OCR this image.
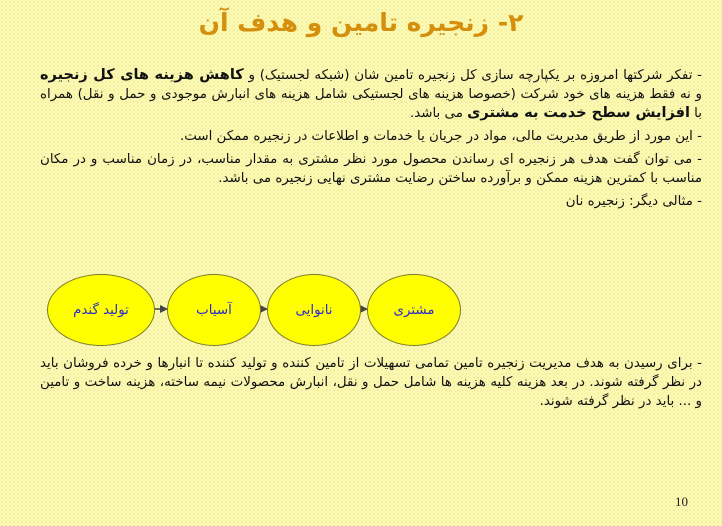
۲- زنجیره تامین و هدف آن

- تفکر شرکتها امروزه بر یکپارچه سازی کل زنجیره تامین شان (شبکه لجستیک) و کاهش هزینه های کل زنجیره و نه فقط هزینه های خود شرکت (خصوصا هزینه های لجستیکی شامل هزینه های انبارش موجودی و حمل و نقل) همراه با افزایش سطح خدمت به مشتری می باشد.

- این مورد از طریق مدیریت مالی، مواد در جریان یا خدمات و اطلاعات در زنجیره ممکن است.

- می توان گفت هدف هر زنجیره ای رساندن محصول مورد نظر مشتری به مقدار مناسب، در زمان مناسب و در مکان مناسب با کمترین هزینه ممکن و برآورده ساختن رضایت مشتری نهایی زنجیره می باشد.

- مثالی دیگر: زنجیره نان

تولید گندم	آسیاب	نانوایی	مشتری

- برای رسیدن به هدف مدیریت زنجیره تامین تمامی تسهیلات از تامین کننده و تولید کننده تا انبارها و خرده فروشان باید در نظر گرفته شوند. در بعد هزینه کلیه هزینه ها شامل حمل و نقل، انبارش محصولات نیمه ساخته، هزینه ساخت و تامین و ... باید در نظر گرفته شوند.

10
